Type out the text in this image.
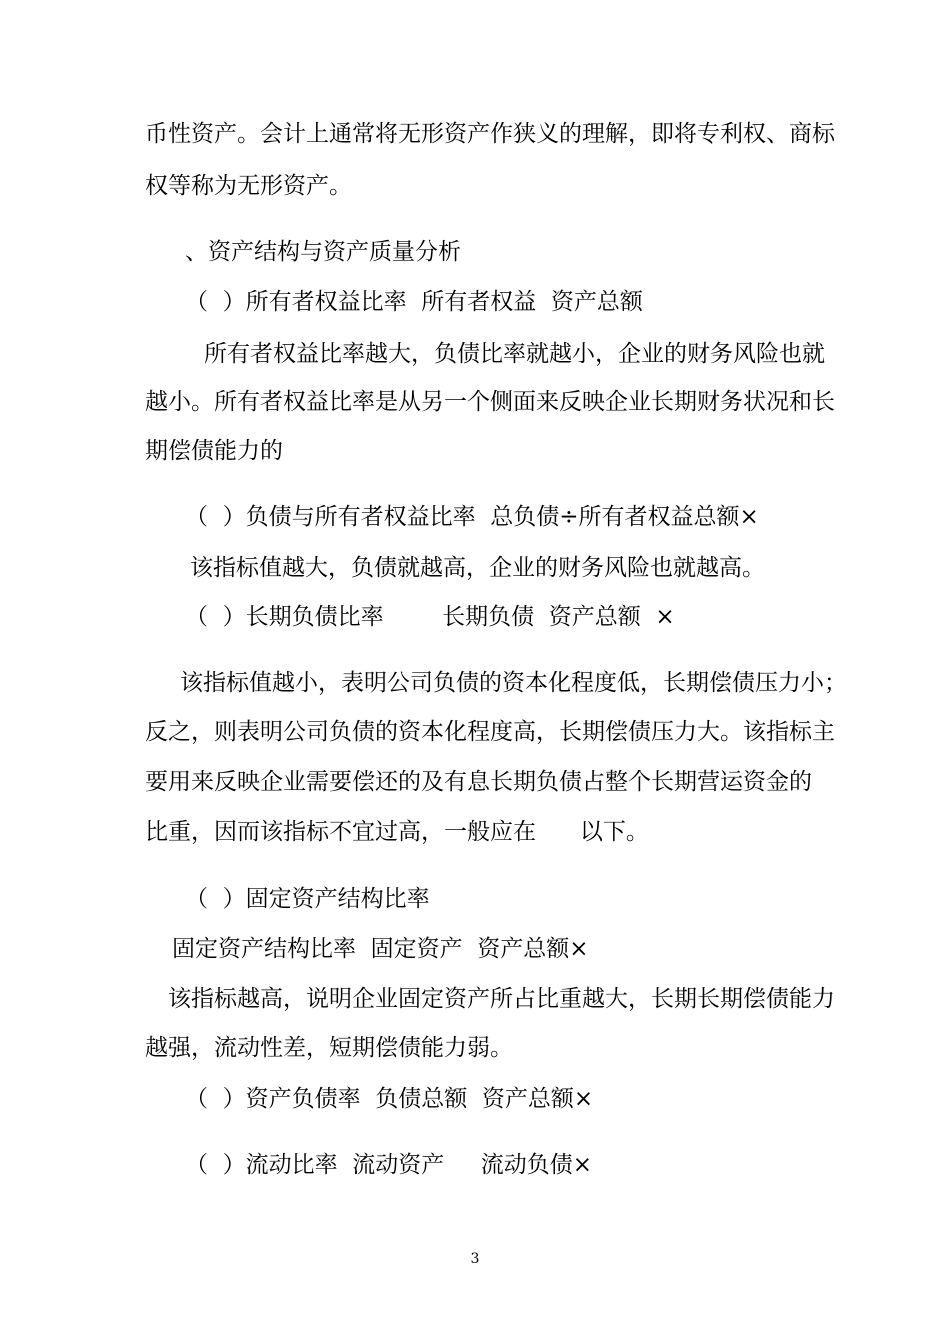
币性资产。会计上通常将无形资产作狭义的理解，即将专利权、商标

权等称为无形资产。

、资产结构与资产质量分析

（  ）所有者权益比率  所有者权益  资产总额

所有者权益比率越大，负债比率就越小，企业的财务风险也就

越小。所有者权益比率是从另一个侧面来反映企业长期财务状况和长

期偿债能力的

（  ）负债与所有者权益比率  总负债÷所有者权益总额×

该指标值越大，负债就越高，企业的财务风险也就越高。

（  ）长期负债比率        长期负债  资产总额  ×

该指标值越小，表明公司负债的资本化程度低，长期偿债压力小；

反之，则表明公司负债的资本化程度高，长期偿债压力大。该指标主

要用来反映企业需要偿还的及有息长期负债占整个长期营运资金的

比重，因而该指标不宜过高，一般应在      以下。

（  ）固定资产结构比率

固定资产结构比率  固定资产  资产总额×

该指标越高，说明企业固定资产所占比重越大，长期长期偿债能力

越强，流动性差，短期偿债能力弱。

（  ）资产负债率  负债总额  资产总额×

（  ）流动比率  流动资产     流动负债×

3
